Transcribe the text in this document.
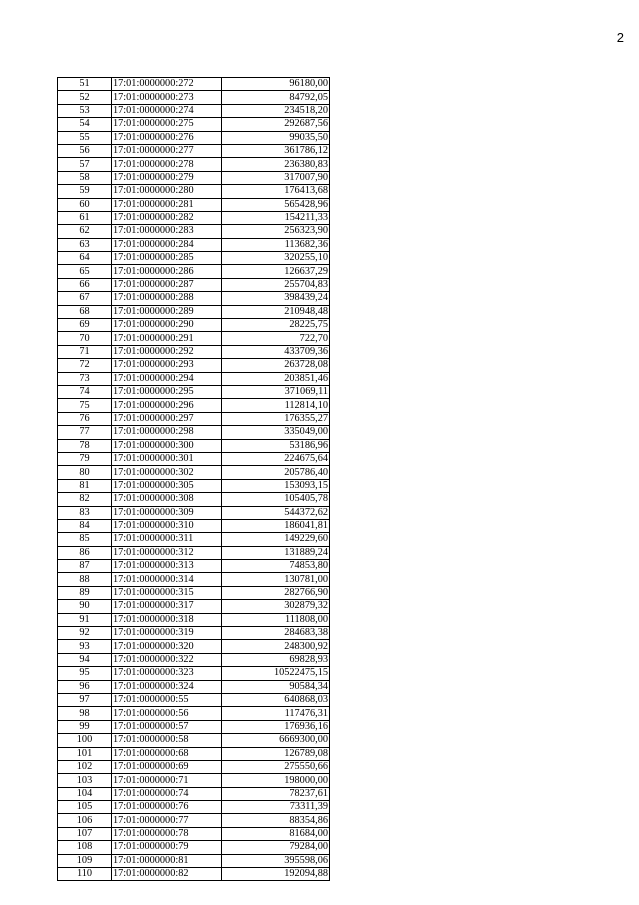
2
51	17:01:0000000:272	96180,00
52	17:01:0000000:273	84792,05
53	17:01:0000000:274	234518,20
54	17:01:0000000:275	292687,56
55	17:01:0000000:276	99035,50
56	17:01:0000000:277	361786,12
57	17:01:0000000:278	236380,83
58	17:01:0000000:279	317007,90
59	17:01:0000000:280	176413,68
60	17:01:0000000:281	565428,96
61	17:01:0000000:282	154211,33
62	17:01:0000000:283	256323,90
63	17:01:0000000:284	113682,36
64	17:01:0000000:285	320255,10
65	17:01:0000000:286	126637,29
66	17:01:0000000:287	255704,83
67	17:01:0000000:288	398439,24
68	17:01:0000000:289	210948,48
69	17:01:0000000:290	28225,75
70	17:01:0000000:291	722,70
71	17:01:0000000:292	433709,36
72	17:01:0000000:293	263728,08
73	17:01:0000000:294	203851,46
74	17:01:0000000:295	371069,11
75	17:01:0000000:296	112814,10
76	17:01:0000000:297	176355,27
77	17:01:0000000:298	335049,00
78	17:01:0000000:300	53186,96
79	17:01:0000000:301	224675,64
80	17:01:0000000:302	205786,40
81	17:01:0000000:305	153093,15
82	17:01:0000000:308	105405,78
83	17:01:0000000:309	544372,62
84	17:01:0000000:310	186041,81
85	17:01:0000000:311	149229,60
86	17:01:0000000:312	131889,24
87	17:01:0000000:313	74853,80
88	17:01:0000000:314	130781,00
89	17:01:0000000:315	282766,90
90	17:01:0000000:317	302879,32
91	17:01:0000000:318	111808,00
92	17:01:0000000:319	284683,38
93	17:01:0000000:320	248300,92
94	17:01:0000000:322	69828,93
95	17:01:0000000:323	10522475,15
96	17:01:0000000:324	90584,34
97	17:01:0000000:55	640868,03
98	17:01:0000000:56	117476,31
99	17:01:0000000:57	176936,16
100	17:01:0000000:58	6669300,00
101	17:01:0000000:68	126789,08
102	17:01:0000000:69	275550,66
103	17:01:0000000:71	198000,00
104	17:01:0000000:74	78237,61
105	17:01:0000000:76	73311,39
106	17:01:0000000:77	88354,86
107	17:01:0000000:78	81684,00
108	17:01:0000000:79	79284,00
109	17:01:0000000:81	395598,06
110	17:01:0000000:82	192094,88
